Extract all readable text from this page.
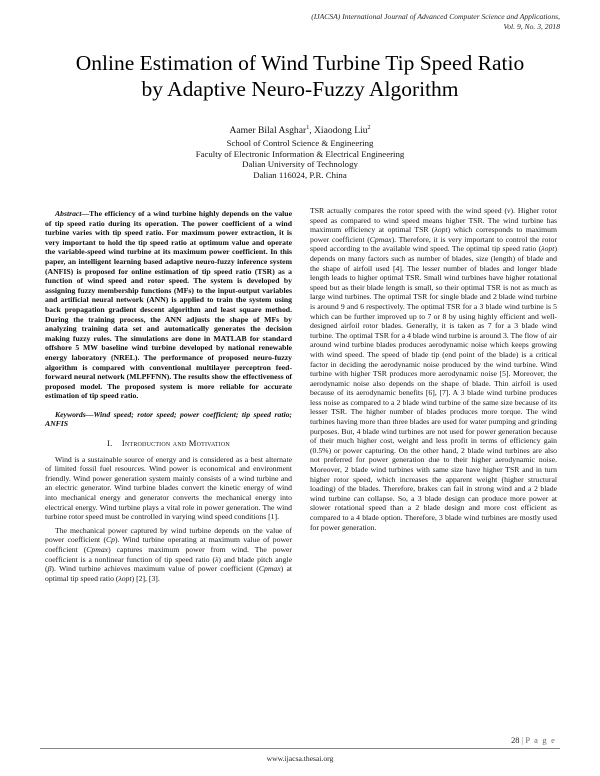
(IJACSA) International Journal of Advanced Computer Science and Applications,
Vol. 9, No. 3, 2018
Online Estimation of Wind Turbine Tip Speed Ratio
by Adaptive Neuro-Fuzzy Algorithm
Aamer Bilal Asghar$^1$, Xiaodong Liu$^2$
School of Control Science & Engineering
Faculty of Electronic Information & Electrical Engineering
Dalian University of Technology
Dalian 116024, P.R. China

Abstract—The efficiency of a wind turbine highly depends on the value of tip speed ratio during its operation. The power coefficient of a wind turbine varies with tip speed ratio. For maximum power extraction, it is very important to hold the tip speed ratio at optimum value and operate the variable-speed wind turbine at its maximum power coefficient. In this paper, an intelligent learning based adaptive neuro-fuzzy inference system (ANFIS) is proposed for online estimation of tip speed ratio (TSR) as a function of wind speed and rotor speed. The system is developed by assigning fuzzy membership functions (MFs) to the input-output variables and artificial neural network (ANN) is applied to train the system using back propagation gradient descent algorithm and least square method. During the training process, the ANN adjusts the shape of MFs by analyzing training data set and automatically generates the decision making fuzzy rules. The simulations are done in MATLAB for standard offshore 5 MW baseline wind turbine developed by national renewable energy laboratory (NREL). The performance of proposed neuro-fuzzy algorithm is compared with conventional multilayer perceptron feed-forward neural network (MLPFFNN). The results show the effectiveness of proposed model. The proposed system is more reliable for accurate estimation of tip speed ratio.

Keywords—Wind speed; rotor speed; power coefficient; tip speed ratio; ANFIS

I. Introduction and Motivation

Wind is a sustainable source of energy and is considered as a best alternate of limited fossil fuel resources. Wind power is economical and environment friendly. Wind power generation system mainly consists of a wind turbine and an electric generator. Wind turbine blades convert the kinetic energy of wind into mechanical energy and generator converts the mechanical energy into electrical energy. Wind turbine plays a vital role in power generation. The wind turbine rotor speed must be controlled in varying wind speed conditions [1].

The mechanical power captured by wind turbine depends on the value of power coefficient (Cp). Wind turbine operating at maximum value of power coefficient (Cpmax) captures maximum power from wind. The power coefficient is a nonlinear function of tip speed ratio (λ) and blade pitch angle (β). Wind turbine achieves maximum value of power coefficient (Cpmax) at optimal tip speed ratio (λopt) [2], [3].

TSR actually compares the rotor speed with the wind speed (v). Higher rotor speed as compared to wind speed means higher TSR. The wind turbine has maximum efficiency at optimal TSR (λopt) which corresponds to maximum power coefficient (Cpmax). Therefore, it is very important to control the rotor speed according to the available wind speed. The optimal tip speed ratio (λopt) depends on many factors such as number of blades, size (length) of blade and the shape of airfoil used [4]. The lesser number of blades and longer blade length leads to higher optimal TSR. Small wind turbines have higher rotational speed but as their blade length is small, so their optimal TSR is not as much as large wind turbines. The optimal TSR for single blade and 2 blade wind turbine is around 9 and 6 respectively. The optimal TSR for a 3 blade wind turbine is 5 which can be further improved up to 7 or 8 by using highly efficient and well-designed airfoil rotor blades. Generally, it is taken as 7 for a 3 blade wind turbine. The optimal TSR for a 4 blade wind turbine is around 3. The flow of air around wind turbine blades produces aerodynamic noise which keeps growing with wind speed. The speed of blade tip (end point of the blade) is a critical factor in deciding the aerodynamic noise produced by the wind turbine. Wind turbine with higher TSR produces more aerodynamic noise [5]. Moreover, the aerodynamic noise also depends on the shape of blade. Thin airfoil is used because of its aerodynamic benefits [6], [7]. A 3 blade wind turbine produces less noise as compared to a 2 blade wind turbine of the same size because of its lesser TSR. The higher number of blades produces more torque. The wind turbines having more than three blades are used for water pumping and grinding purposes. But, 4 blade wind turbines are not used for power generation because of their much higher cost, weight and less profit in terms of efficiency gain (0.5%) or power capturing. On the other hand, 2 blade wind turbines are also not preferred for power generation due to their higher aerodynamic noise. Moreover, 2 blade wind turbines with same size have higher TSR and in turn higher rotor speed, which increases the apparent weight (higher structural loading) of the blades. Therefore, brakes can fail in strong wind and a 2 blade wind turbine can collapse. So, a 3 blade design can produce more power at slower rotational speed than a 2 blade design and more cost efficient as compared to a 4 blade option. Therefore, 3 blade wind turbines are mostly used for power generation.

28 | P a g e
www.ijacsa.thesai.org
